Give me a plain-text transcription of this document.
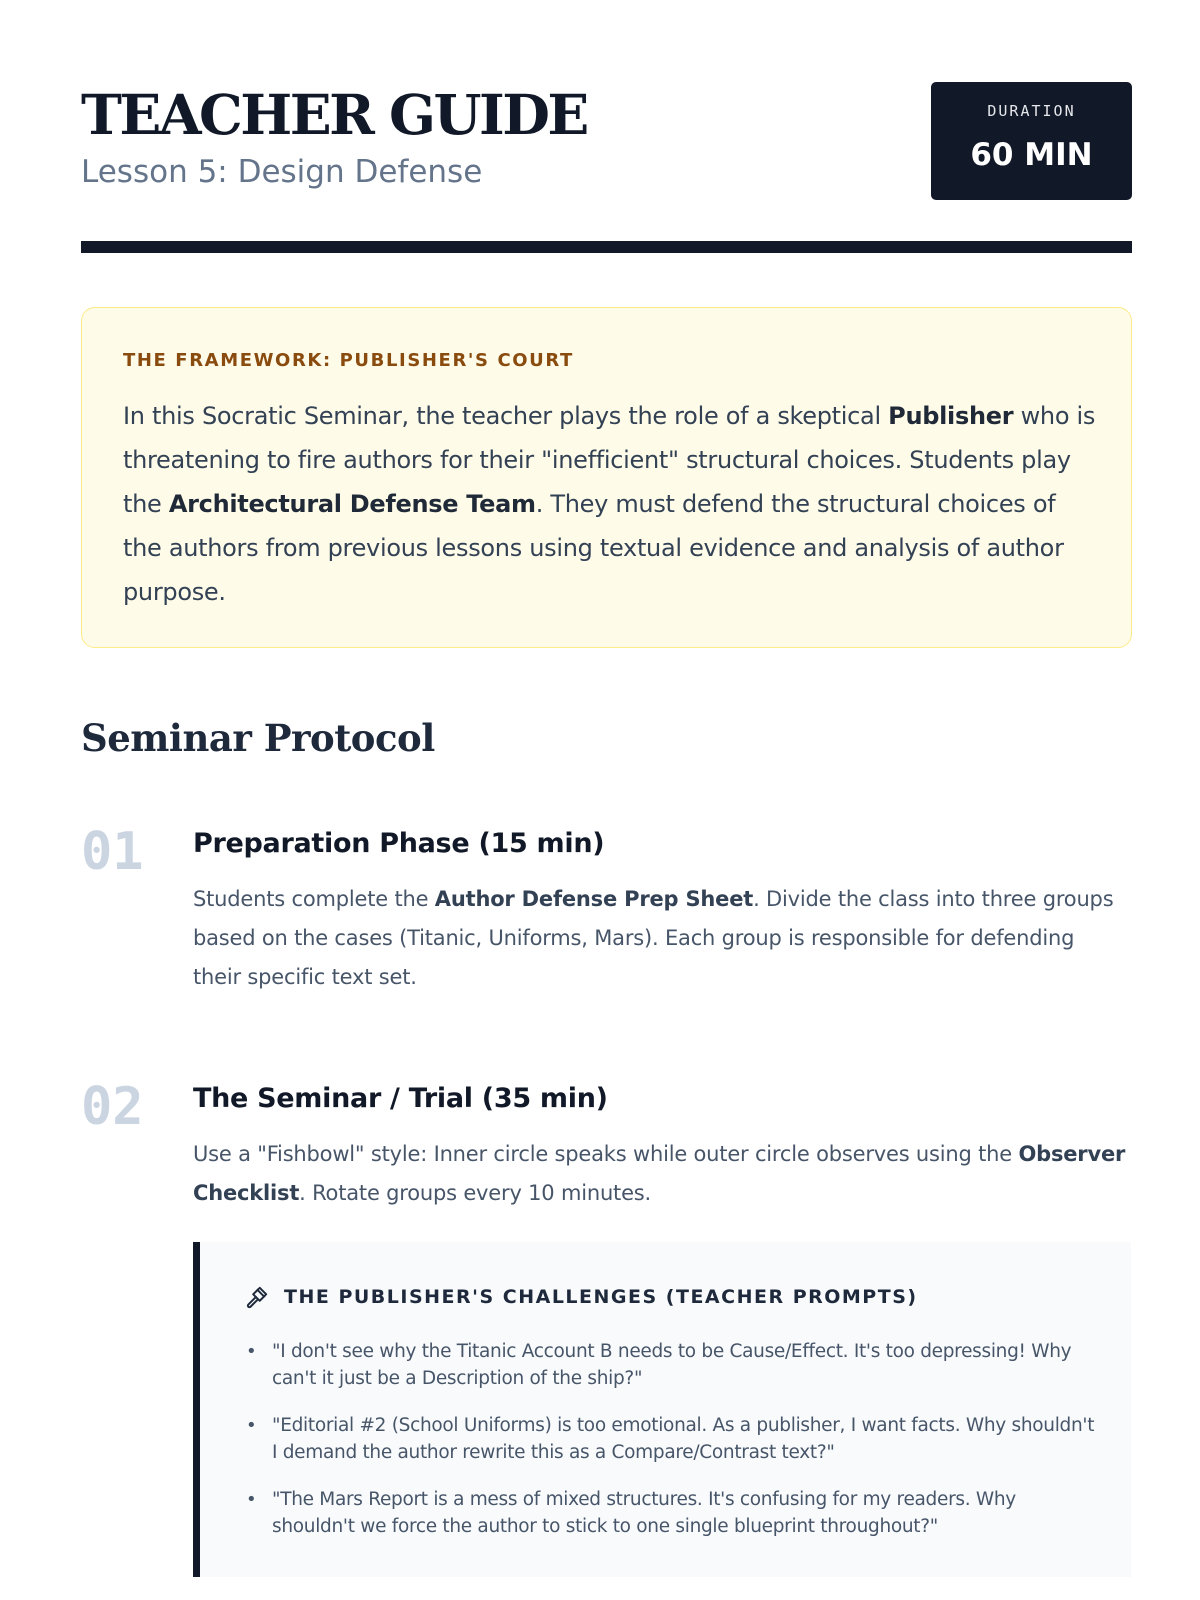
TEACHER GUIDE
Lesson 5: Design Defense
DURATION
60 MIN
THE FRAMEWORK: PUBLISHER'S COURT
In this Socratic Seminar, the teacher plays the role of a skeptical Publisher who is threatening to fire authors for their "inefficient" structural choices. Students play the Architectural Defense Team. They must defend the structural choices of the authors from previous lessons using textual evidence and analysis of author purpose.
Seminar Protocol
01 Preparation Phase (15 min)
Students complete the Author Defense Prep Sheet. Divide the class into three groups based on the cases (Titanic, Uniforms, Mars). Each group is responsible for defending their specific text set.
02 The Seminar / Trial (35 min)
Use a "Fishbowl" style: Inner circle speaks while outer circle observes using the Observer Checklist. Rotate groups every 10 minutes.
THE PUBLISHER'S CHALLENGES (TEACHER PROMPTS)
• "I don't see why the Titanic Account B needs to be Cause/Effect. It's too depressing! Why can't it just be a Description of the ship?"
• "Editorial #2 (School Uniforms) is too emotional. As a publisher, I want facts. Why shouldn't I demand the author rewrite this as a Compare/Contrast text?"
• "The Mars Report is a mess of mixed structures. It's confusing for my readers. Why shouldn't we force the author to stick to one single blueprint throughout?"
